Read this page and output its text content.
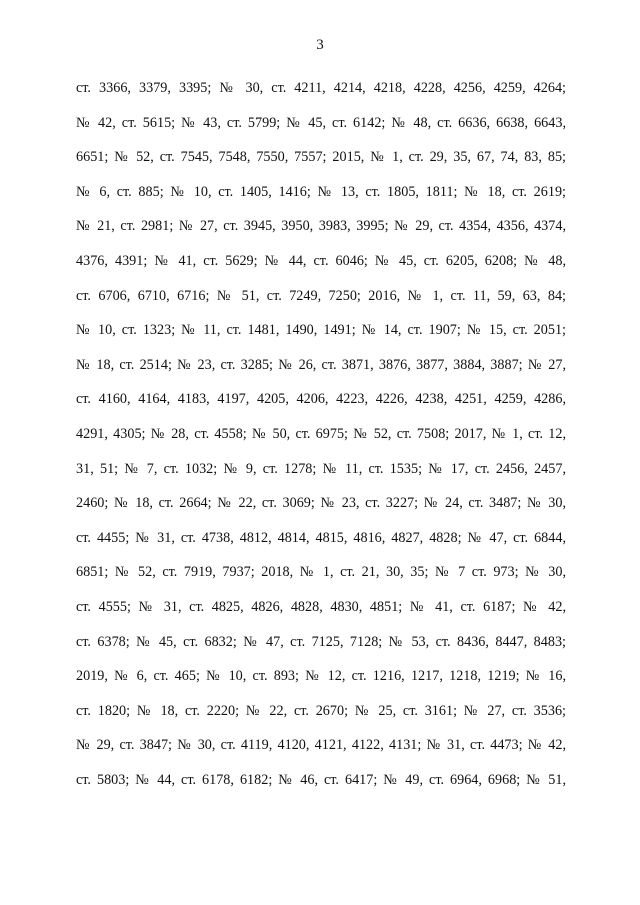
3
ст. 3366, 3379, 3395; № 30, ст. 4211, 4214, 4218, 4228, 4256, 4259, 4264;
№ 42, ст. 5615; № 43, ст. 5799; № 45, ст. 6142; № 48, ст. 6636, 6638, 6643,
6651; № 52, ст. 7545, 7548, 7550, 7557; 2015, № 1, ст. 29, 35, 67, 74, 83, 85;
№ 6, ст. 885; № 10, ст. 1405, 1416; № 13, ст. 1805, 1811; № 18, ст. 2619;
№ 21, ст. 2981; № 27, ст. 3945, 3950, 3983, 3995; № 29, ст. 4354, 4356, 4374,
4376, 4391; № 41, ст. 5629; № 44, ст. 6046; № 45, ст. 6205, 6208; № 48,
ст. 6706, 6710, 6716; № 51, ст. 7249, 7250; 2016, № 1, ст. 11, 59, 63, 84;
№ 10, ст. 1323; № 11, ст. 1481, 1490, 1491; № 14, ст. 1907; № 15, ст. 2051;
№ 18, ст. 2514; № 23, ст. 3285; № 26, ст. 3871, 3876, 3877, 3884, 3887; № 27,
ст. 4160, 4164, 4183, 4197, 4205, 4206, 4223, 4226, 4238, 4251, 4259, 4286,
4291, 4305; № 28, ст. 4558; № 50, ст. 6975; № 52, ст. 7508; 2017, № 1, ст. 12,
31, 51; № 7, ст. 1032; № 9, ст. 1278; № 11, ст. 1535; № 17, ст. 2456, 2457,
2460; № 18, ст. 2664; № 22, ст. 3069; № 23, ст. 3227; № 24, ст. 3487; № 30,
ст. 4455; № 31, ст. 4738, 4812, 4814, 4815, 4816, 4827, 4828; № 47, ст. 6844,
6851; № 52, ст. 7919, 7937; 2018, № 1, ст. 21, 30, 35; № 7 ст. 973; № 30,
ст. 4555; № 31, ст. 4825, 4826, 4828, 4830, 4851; № 41, ст. 6187; № 42,
ст. 6378; № 45, ст. 6832; № 47, ст. 7125, 7128; № 53, ст. 8436, 8447, 8483;
2019, № 6, ст. 465; № 10, ст. 893; № 12, ст. 1216, 1217, 1218, 1219; № 16,
ст. 1820; № 18, ст. 2220; № 22, ст. 2670; № 25, ст. 3161; № 27, ст. 3536;
№ 29, ст. 3847; № 30, ст. 4119, 4120, 4121, 4122, 4131; № 31, ст. 4473; № 42,
ст. 5803; № 44, ст. 6178, 6182; № 46, ст. 6417; № 49, ст. 6964, 6968; № 51,
